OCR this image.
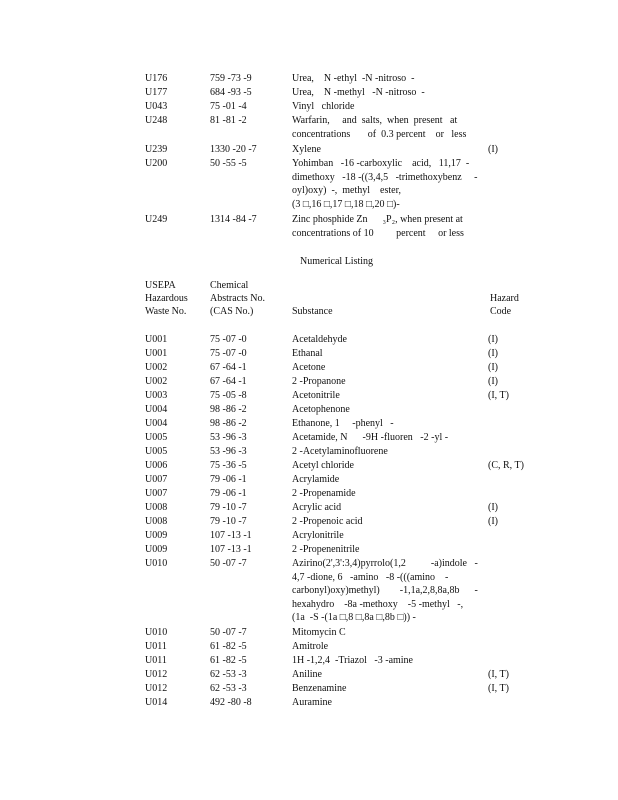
U176	759 -73 -9	Urea,    N -ethyl  -N -nitroso  -
U177	684 -93 -5	Urea,    N -methyl   -N -nitroso  -
U043	75 -01 -4	Vinyl   chloride
U248	81 -81 -2	Warfarin,     and  salts,  when  present   at
concentrations       of  0.3 percent    or   less
U239	1330 -20 -7	Xylene	(I)
U200	50 -55 -5	Yohimban   -16 -carboxylic    acid,   11,17  -
dimethoxy   -18 -((3,4,5   -trimethoxybenz     -
oyl)oxy)  -,  methyl    ester,
(3 □,16 □,17 □,18 □,20 □)-
U249	1314 -84 -7	Zinc phosphide Zn      ₃P₂, when present at
concentrations of 10         percent     or less
Numerical Listing
USEPA
Hazardous
Waste No.
Chemical
Abstracts No.
(CAS No.)	Substance
Hazard
Code
U001	75 -07 -0	Acetaldehyde	(I)
U001	75 -07 -0	Ethanal	(I)
U002	67 -64 -1	Acetone	(I)
U002	67 -64 -1	2 -Propanone	(I)
U003	75 -05 -8	Acetonitrile	(I, T)
U004	98 -86 -2	Acetophenone
U004	98 -86 -2	Ethanone, 1     -phenyl   -
U005	53 -96 -3	Acetamide, N      -9H -fluoren   -2 -yl -
U005	53 -96 -3	2 -Acetylaminofluorene
U006	75 -36 -5	Acetyl chloride	(C, R, T)
U007	79 -06 -1	Acrylamide
U007	79 -06 -1	2 -Propenamide
U008	79 -10 -7	Acrylic acid	(I)
U008	79 -10 -7	2 -Propenoic acid	(I)
U009	107 -13 -1	Acrylonitrile
U009	107 -13 -1	2 -Propenenitrile
U010	50 -07 -7	Azirino(2',3':3,4)pyrrolo(1,2          -a)indole   -
4,7 -dione, 6   -amino   -8 -(((amino    -
carbonyl)oxy)methyl)        -1,1a,2,8,8a,8b      -
hexahydro    -8a -methoxy    -5 -methyl   -,
(1a  -S -(1a □,8 □,8a □,8b □)) -
U010	50 -07 -7	Mitomycin C
U011	61 -82 -5	Amitrole
U011	61 -82 -5	1H -1,2,4  -Triazol   -3 -amine
U012	62 -53 -3	Aniline	(I, T)
U012	62 -53 -3	Benzenamine	(I, T)
U014	492 -80 -8	Auramine
